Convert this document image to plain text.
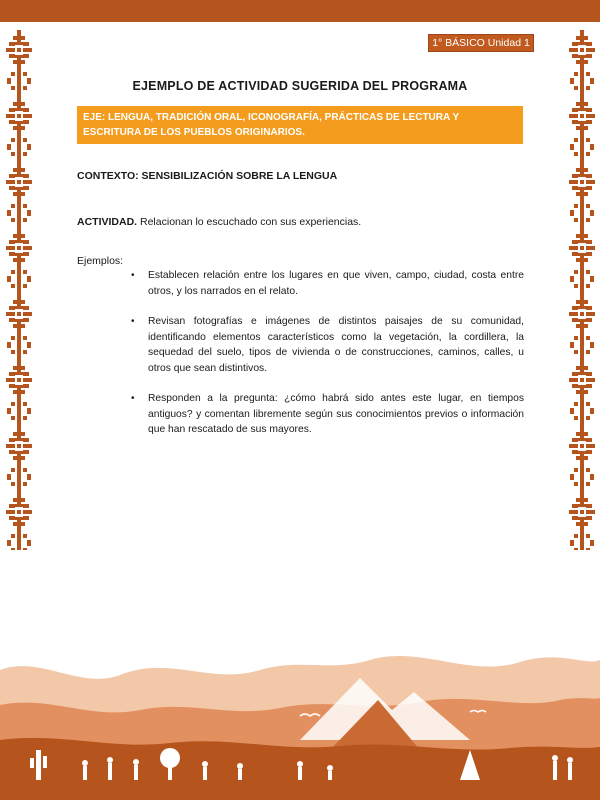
1° BÁSICO Unidad 1
EJEMPLO DE ACTIVIDAD SUGERIDA DEL PROGRAMA
EJE: LENGUA, TRADICIÓN ORAL, ICONOGRAFÍA, PRÁCTICAS DE LECTURA Y ESCRITURA DE LOS PUEBLOS ORIGINARIOS.
CONTEXTO: SENSIBILIZACIÓN SOBRE LA LENGUA
ACTIVIDAD. Relacionan lo escuchado con sus experiencias.
Ejemplos:
• Establecen relación entre los lugares en que viven, campo, ciudad, costa entre otros, y los narrados en el relato.
• Revisan fotografías e imágenes de distintos paisajes de su comunidad, identificando elementos característicos como la vegetación, la cordillera, la sequedad del suelo, tipos de vivienda o de construcciones, caminos, calles, u otros que sean distintivos.
• Responden a la pregunta: ¿cómo habrá sido antes este lugar, en tiempos antiguos? y comentan libremente según sus conocimientos previos o información que han rescatado de sus mayores.
